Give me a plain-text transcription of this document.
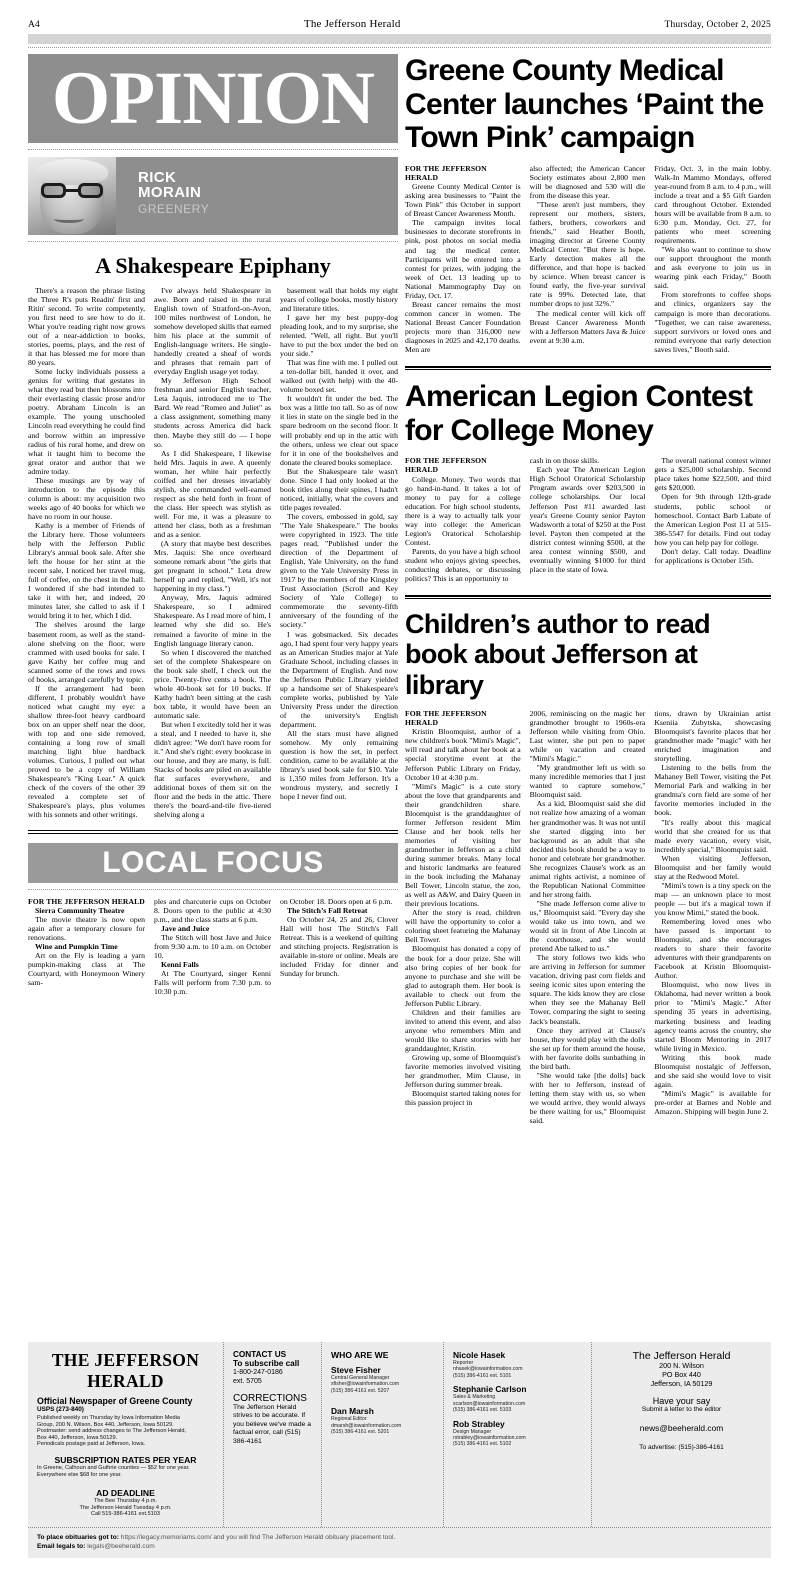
A4	The Jefferson Herald	Thursday, October 2, 2025
OPINION
RICK
MORAIN
GREENERY
A Shakespeare Epiphany

There's a reason the phrase listing the Three R's puts Readin' first and Ritin' second. To write competently, you first need to see how to do it. What you're reading right now grows out of a near-addiction to books, stories, poems, plays, and the rest of it that has blessed me for more than 80 years.

Some lucky individuals possess a genius for writing that gestates in what they read but then blossoms into their everlasting classic prose and/or poetry. Abraham Lincoln is an example. The young unschooled Lincoln read everything he could find and borrow within an impressive radius of his rural home, and drew on what it taught him to become the great orator and author that we admire today.

These musings are by way of introduction to the episode this column is about: my acquisition two weeks ago of 40 books for which we have no room in our house.

Kathy is a member of Friends of the Library here. Those volunteers help with the Jefferson Public Library's annual book sale. After she left the house for her stint at the recent sale, I noticed her travel mug, full of coffee, on the chest in the hall. I wondered if she had intended to take it with her, and indeed, 20 minutes later, she called to ask if I would bring it to her, which I did.

The shelves around the large basement room, as well as the stand-alone shelving on the floor, were crammed with used books for sale. I gave Kathy her coffee mug and scanned some of the rows and rows of books, arranged carefully by topic.

If the arrangement had been different, I probably wouldn't have noticed what caught my eye: a shallow three-foot heavy cardboard box on an upper shelf near the door, with top and one side removed, containing a long row of small matching light blue hardback volumes. Curious, I pulled out what proved to be a copy of William Shakespeare's "King Lear." A quick check of the covers of the other 39 revealed a complete set of Shakespeare's plays, plus volumes with his sonnets and other writings.

I've always held Shakespeare in awe. Born and raised in the rural English town of Stratford-on-Avon, 100 miles northwest of London, he somehow developed skills that earned him his place at the summit of English-language writers. He single-handedly created a sheaf of words and phrases that remain part of everyday English usage yet today.

My Jefferson High School freshman and senior English teacher, Leta Jaquis, introduced me to The Bard. We read "Romeo and Juliet" as a class assignment, something many students across America did back then. Maybe they still do — I hope so.

As I did Shakespeare, I likewise held Mrs. Jaquis in awe. A queenly woman, her white hair perfectly coiffed and her dresses invariably stylish, she commanded well-earned respect as she held forth in front of the class. Her speech was stylish as well. For me, it was a pleasure to attend her class, both as a freshman and as a senior.

(A story that maybe best describes Mrs. Jaquis: She once overheard someone remark about "the girls that get pregnant in school." Leta drew herself up and replied, "Well, it's not happening in my class.")

Anyway, Mrs. Jaquis admired Shakespeare, so I admired Shakespeare. As I read more of him, I learned why she did so. He's remained a favorite of mine in the English language literary canon.

So when I discovered the matched set of the complete Shakespeare on the book sale shelf, I check out the price. Twenty-five cents a book. The whole 40-book set for 10 bucks. If Kathy hadn't been sitting at the cash box table, it would have been an automatic sale.

But when I excitedly told her it was a steal, and I needed to have it, she didn't agree: "We don't have room for it." And she's right: every bookcase in our house, and they are many, is full. Stacks of books are piled on available flat surfaces everywhere, and additional boxes of them sit on the floor and the beds in the attic. There there's the board-and-tile five-tiered shelving along a

basement wall that holds my eight years of college books, mostly history and literature titles.

I gave her my best puppy-dog pleading look, and to my surprise, she relented. "Well, all right. But you'll have to put the box under the bed on your side."

That was fine with me. I pulled out a ten-dollar bill, handed it over, and walked out (with help) with the 40-volume boxed set.

It wouldn't fit under the bed. The box was a little too tall. So as of now it lies in state on the single bed in the spare bedroom on the second floor. It will probably end up in the attic with the others, unless we clear out space for it in one of the bookshelves and donate the cleared books someplace.

But the Shakespeare tale wasn't done. Since I had only looked at the book titles along their spines, I hadn't noticed, initially, what the covers and title pages revealed.

The covers, embossed in gold, say "The Yale Shakespeare." The books were copyrighted in 1923. The title pages read, "Published under the direction of the Department of English, Yale University, on the fund given to the Yale University Press in 1917 by the members of the Kingsley Trust Association (Scroll and Key Society of Yale College) to commemorate the seventy-fifth anniversary of the founding of the society."

I was gobsmacked. Six decades ago, I had spent four very happy years as an American Studies major at Yale Graduate School, including classes in the Department of English. And now the Jefferson Public Library yielded up a handsome set of Shakespeare's complete works, published by Yale University Press under the direction of the university's English department.

All the stars must have aligned somehow. My only remaining question is how the set, in perfect condition, came to be available at the library's used book sale for $10. Yale is 1,350 miles from Jefferson. It's a wondrous mystery, and secretly I hope I never find out.

LOCAL FOCUS
FOR THE JEFFERSON HERALD

Sierra Community Theatre

The movie theatre is now open again after a temporary closure for renovations.

Wine and Pumpkin Time

Art on the Fly is leading a yarn pumpkin-making class at The Courtyard, with Honeymoon Winery sam-

ples and charcuterie cups on October 8. Doors open to the public at 4:30 p.m., and the class starts at 6 p.m.

Jave and Juice

The Stitch will host Jave and Juice from 9:30 a.m. to 10 a.m. on October 10.

Kenni Falls

At The Courtyard, singer Kenni Falls will perform from 7:30 p.m. to 10:30 p.m.

on October 18. Doors open at 6 p.m.

The Stitch’s Fall Retreat

On October 24, 25 and 26, Clover Hall will host The Stitch's Fall Retreat. This is a weekend of quilting and stitching projects. Registration is available in-store or online. Meals are included Friday for dinner and Sunday for brunch.

Greene County Medical Center launches ‘Paint the Town Pink’ campaign
FOR THE JEFFERSON HERALD

Greene County Medical Center is asking area businesses to "Paint the Town Pink" this October in support of Breast Cancer Awareness Month.

The campaign invites local businesses to decorate storefronts in pink, post photos on social media and tag the medical center. Participants will be entered into a contest for prizes, with judging the week of Oct. 13 leading up to National Mammography Day on Friday, Oct. 17.

Breast cancer remains the most common cancer in women. The National Breast Cancer Foundation projects more than 316,000 new diagnoses in 2025 and 42,170 deaths. Men are

also affected; the American Cancer Society estimates about 2,800 men will be diagnosed and 530 will die from the disease this year.

"These aren't just numbers, they represent our mothers, sisters, fathers, brothers, coworkers and friends," said Heather Booth, imaging director at Greene County Medical Center. "But there is hope. Early detection makes all the difference, and that hope is backed by science. When breast cancer is found early, the five-year survival rate is 99%. Detected late, that number drops to just 32%."

The medical center will kick off Breast Cancer Awareness Month with a Jefferson Matters Java & Juice event at 9:30 a.m.

Friday, Oct. 3, in the main lobby. Walk-In Mammo Mondays, offered year-round from 8 a.m. to 4 p.m., will include a treat and a $5 Gift Garden card throughout October. Extended hours will be available from 8 a.m. to 6:30 p.m. Monday, Oct. 27, for patients who meet screening requirements.

"We also want to continue to show our support throughout the month and ask everyone to join us in wearing pink each Friday," Booth said.

From storefronts to coffee shops and clinics, organizers say the campaign is more than decorations. "Together, we can raise awareness, support survivors or loved ones and remind everyone that early detection saves lives," Booth said.

American Legion Contest for College Money
FOR THE JEFFERSON HERALD

College. Money. Two words that go hand-in-hand. It takes a lot of money to pay for a college education. For high school students, there is a way to actually talk your way into college: the American Legion's Oratorical Scholarship Contest.

Parents, do you have a high school student who enjoys giving speeches, conducting debates, or discussing politics? This is an opportunity to

cash in on those skills.

Each year The American Legion High School Oratorical Scholarship Program awards over $203,500 in college scholarships. Our local Jefferson Post #11 awarded last year's Greene County senior Payton Wadsworth a total of $250 at the Post level. Payton then competed at the district contest winning $500, at the area contest winning $500, and eventually winning $1000 for third place in the state of Iowa.

The overall national contest winner gets a $25,000 scholarship. Second place takes home $22,500, and third gets $20,000.

Open for 9th through 12th-grade students, public school or homeschool. Contact Barb Labate of the American Legion Post 11 at 515-386-5547 for details. Find out today how you can help pay for college.

Don't delay. Call today. Deadline for applications is October 15th.

Children’s author to read book about Jefferson at library
FOR THE JEFFERSON HERALD

Kristin Bloomquist, author of a new children's book "Mimi's Magic", will read and talk about her book at a special storytime event at the Jefferson Public Library on Friday, October 10 at 4:30 p.m.

"Mimi's Magic" is a cute story about the love that grandparents and their grandchildren share. Bloomquist is the granddaughter of former Jefferson resident Mim Clause and her book tells her memories of visiting her grandmother in Jefferson as a child during summer breaks. Many local and historic landmarks are featured in the book including the Mahanay Bell Tower, Lincoln statue, the zoo, as well as A&W, and Dairy Queen in their previous locations.

After the story is read, children will have the opportunity to color a coloring sheet featuring the Mahanay Bell Tower.

Bloomquist has donated a copy of the book for a door prize. She will also bring copies of her book for anyone to purchase and she will be glad to autograph them. Her book is available to check out from the Jefferson Public Library.

Children and their families are invited to attend this event, and also anyone who remembers Mim and would like to share stories with her granddaughter, Kristin.

Growing up, some of Bloomquist's favorite memories involved visiting her grandmother, Mim Clause, in Jefferson during summer break.

Bloomquist started taking notes for this passion project in

2006, reminiscing on the magic her grandmother brought to 1960s-era Jefferson while visiting from Ohio. Last winter, she put pen to paper while on vacation and created "Mimi's Magic."

"My grandmother left us with so many incredible memories that I just wanted to capture somehow," Bloomquist said.

As a kid, Bloomquist said she did not realize how amazing of a woman her grandmother was. It was not until she started digging into her background as an adult that she decided this book should be a way to honor and celebrate her grandmother. She recognizes Clause's work as an animal rights activist, a nominee of the Republican National Committee and her strong faith.

"She made Jefferson come alive to us," Bloomquist said. "Every day she would take us into town, and we would sit in front of Abe Lincoln at the courthouse, and she would pretend Abe talked to us."

The story follows two kids who are arriving in Jefferson for summer vacation, driving past corn fields and seeing iconic sites upon entering the square. The kids know they are close when they see the Mahanay Bell Tower, comparing the sight to seeing Jack's beanstalk.

Once they arrived at Clause's house, they would play with the dolls she set up for them around the house, with her favorite dolls sunbathing in the bird bath.

"She would take [the dolls] back with her to Jefferson, instead of letting them stay with us, so when we would arrive, they would always be there waiting for us," Bloomquist said.

tions, drawn by Ukrainian artist Kseniia Zubytska, showcasing Bloomquist's favorite places that her grandmother made "magic" with her enriched imagination and storytelling.

Listening to the bells from the Mahaney Bell Tower, visiting the Pet Memorial Park and walking in her grandma's corn field are some of her favorite memories included in the book.

"It's really about this magical world that she created for us that made every vacation, every visit, incredibly special," Bloomquist said.

When visiting Jefferson, Bloomquist and her family would stay at the Redwood Motel.

"Mimi's town is a tiny speck on the map — an unknown place to most people — but it's a magical town if you know Mimi," stated the book.

Remembering loved ones who have passed is important to Bloomquist, and she encourages readers to share their favorite adventures with their grandparents on Facebook at Kristin Bloomquist-Author.

Bloomquist, who now lives in Oklahoma, had never written a book prior to "Mimi's Magic." After spending 35 years in advertising, marketing business and leading agency teams across the country, she started Bloom Mentoring in 2017 while living in Mexico.

Writing this book made Bloomquist nostalgic of Jefferson, and she said she would love to visit again.

"Mimi's Magic" is available for pre-order at Barnes and Noble and Amazon. Shipping will begin June 2.

THE JEFFERSON HERALD
Official Newspaper of Greene County
USPS (273-840)
Published weekly on Thursday by Iowa Information Media
Group, 200 N. Wilson, Box 440, Jefferson, Iowa 50129.
Postmaster: send address changes to The Jefferson Herald,
Box 440, Jefferson, Iowa 50129.
Periodicals postage paid at Jefferson, Iowa.
SUBSCRIPTION RATES PER YEAR
In Greene, Calhoun and Guthrie counties — $52 for one year.
Everywhere else $68 for one year.
AD DEADLINE
The Bee Thursday 4 p.m.
The Jefferson Herald Tuesday 4 p.m.
Call 515-386-4161 ext.5103
CONTACT US
To subscribe call
1-800-247-0186
ext. 5705
CORRECTIONS
The Jefferson Herald strives to be accurate. If you believe we've made a factual error, call (515) 386-4161
WHO ARE WE
Steve Fisher
Central General Manager
sfisher@iowainformation.com
(515) 386-4161 ext. 5207
Dan Marsh
Regional Editor
dmarsh@iowainformation.com
(515) 386-4161 ext. 5201
Nicole Hasek
Reporter
nhasek@iowainformation.com
(515) 386-4161 ext. 5101
Stephanie Carlson
Sales & Marketing
scarlson@iowainformation.com
(515) 386-4161 ext. 5103
Rob Strabley
Design Manager
rstrabley@iowainformation.com
(515) 386-4161 ext. 5102
The Jefferson Herald
200 N. Wilson
PO Box 440
Jefferson, IA 50129
Have your say
Submit a letter to the editor
news@beeherald.com
To advertise: (515)-386-4161
To place obituaries got to: https://legacy.memoriams.com/ and you will find The Jefferson Herald obituary placement tool.
Email legals to: legals@beeherald.com
